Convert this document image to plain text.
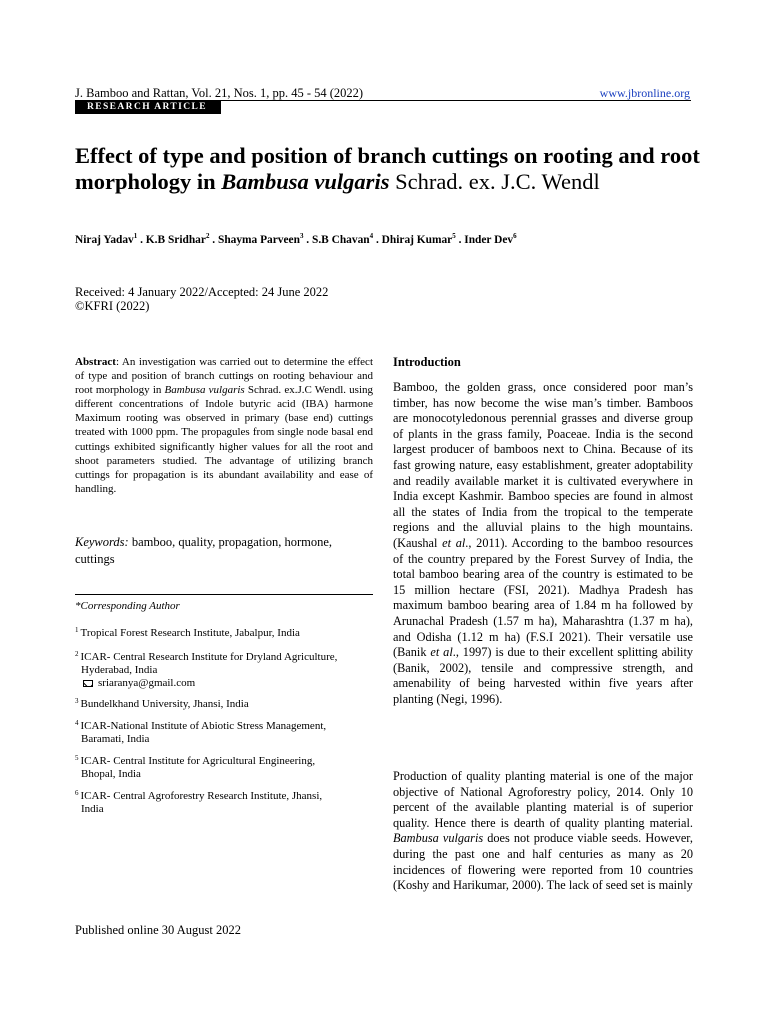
J. Bamboo and Rattan, Vol. 21, Nos. 1, pp. 45 - 54 (2022)	www.jbronline.org
RESEARCH ARTICLE
Effect of type and position of branch cuttings on rooting and root morphology in Bambusa vulgaris Schrad. ex. J.C. Wendl
Niraj Yadav$^1$ . K.B Sridhar$^2$ . Shayma Parveen$^3$ . S.B Chavan$^4$ . Dhiraj Kumar$^5$ . Inder Dev$^6$
Received: 4 January 2022/Accepted: 24 June 2022
©KFRI (2022)
Abstract: An investigation was carried out to determine the effect of type and position of branch cuttings on rooting behaviour and root morphology in Bambusa vulgaris Schrad. ex.J.C Wendl. using different concentrations of Indole butyric acid (IBA) harmone Maximum rooting was observed in primary (base end) cuttings treated with 1000 ppm. The propagules from single node basal end cuttings exhibited significantly higher values for all the root and shoot parameters studied. The advantage of utilizing branch cuttings for propagation is its abundant availability and ease of handling.
Keywords: bamboo, quality, propagation, hormone, cuttings
*Corresponding Author
$^1$ Tropical Forest Research Institute, Jabalpur, India
$^2$ ICAR- Central Research Institute for Dryland Agriculture,
Hyderabad, India
sriaranya@gmail.com
$^3$ Bundelkhand University, Jhansi, India
$^4$ ICAR-National Institute of Abiotic Stress Management,
Baramati, India
$^5$ ICAR- Central Institute for Agricultural Engineering,
Bhopal, India
$^6$ ICAR- Central Agroforestry Research Institute, Jhansi,
India
Published online 30 August 2022
Introduction
Bamboo, the golden grass, once considered poor man’s timber, has now become the wise man’s timber. Bamboos are monocotyledonous perennial grasses and diverse group of plants in the grass family, Poaceae. India is the second largest producer of bamboos next to China. Because of its fast growing nature, easy establishment, greater adoptability and readily available market it is cultivated everywhere in India except Kashmir. Bamboo species are found in almost all the states of India from the tropical to the temperate regions and the alluvial plains to the high mountains. (Kaushal et al., 2011). According to the bamboo resources of the country prepared by the Forest Survey of India, the total bamboo bearing area of the country is estimated to be 15 million hectare (FSI, 2021). Madhya Pradesh has maximum bamboo bearing area of 1.84 m ha followed by Arunachal Pradesh (1.57 m ha), Maharashtra (1.37 m ha), and Odisha (1.12 m ha) (F.S.I 2021). Their versatile use (Banik et al., 1997) is due to their excellent splitting ability (Banik, 2002), tensile and compressive strength, and amenability of being harvested within five years after planting (Negi, 1996).
Production of quality planting material is one of the major objective of National Agroforestry policy, 2014. Only 10 percent of the available planting material is of superior quality. Hence there is dearth of quality planting material. Bambusa vulgaris does not produce viable seeds. However, during the past one and half centuries as many as 20 incidences of flowering were reported from 10 countries (Koshy and Harikumar, 2000). The lack of seed set is mainly
